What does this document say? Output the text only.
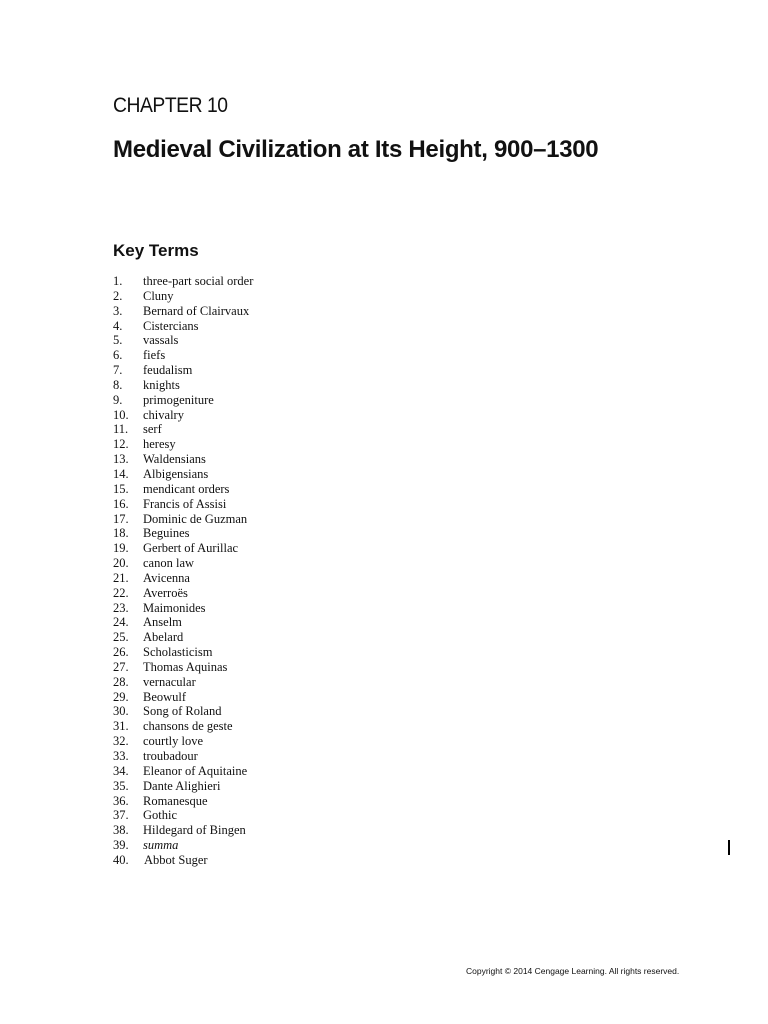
CHAPTER 10
Medieval Civilization at Its Height, 900–1300
Key Terms
1.	three-part social order
2.	Cluny
3.	Bernard of Clairvaux
4.	Cistercians
5.	vassals
6.	fiefs
7.	feudalism
8.	knights
9.	primogeniture
10.	chivalry
11.	serf
12.	heresy
13.	Waldensians
14.	Albigensians
15.	mendicant orders
16.	Francis of Assisi
17.	Dominic de Guzman
18.	Beguines
19.	Gerbert of Aurillac
20.	canon law
21.	Avicenna
22.	Averroës
23.	Maimonides
24.	Anselm
25.	Abelard
26.	Scholasticism
27.	Thomas Aquinas
28.	vernacular
29.	Beowulf
30.	Song of Roland
31.	chansons de geste
32.	courtly love
33.	troubadour
34.	Eleanor of Aquitaine
35.	Dante Alighieri
36.	Romanesque
37.	Gothic
38.	Hildegard of Bingen
39.	summa
40.	Abbot Suger

Copyright © 2014 Cengage Learning. All rights reserved.
